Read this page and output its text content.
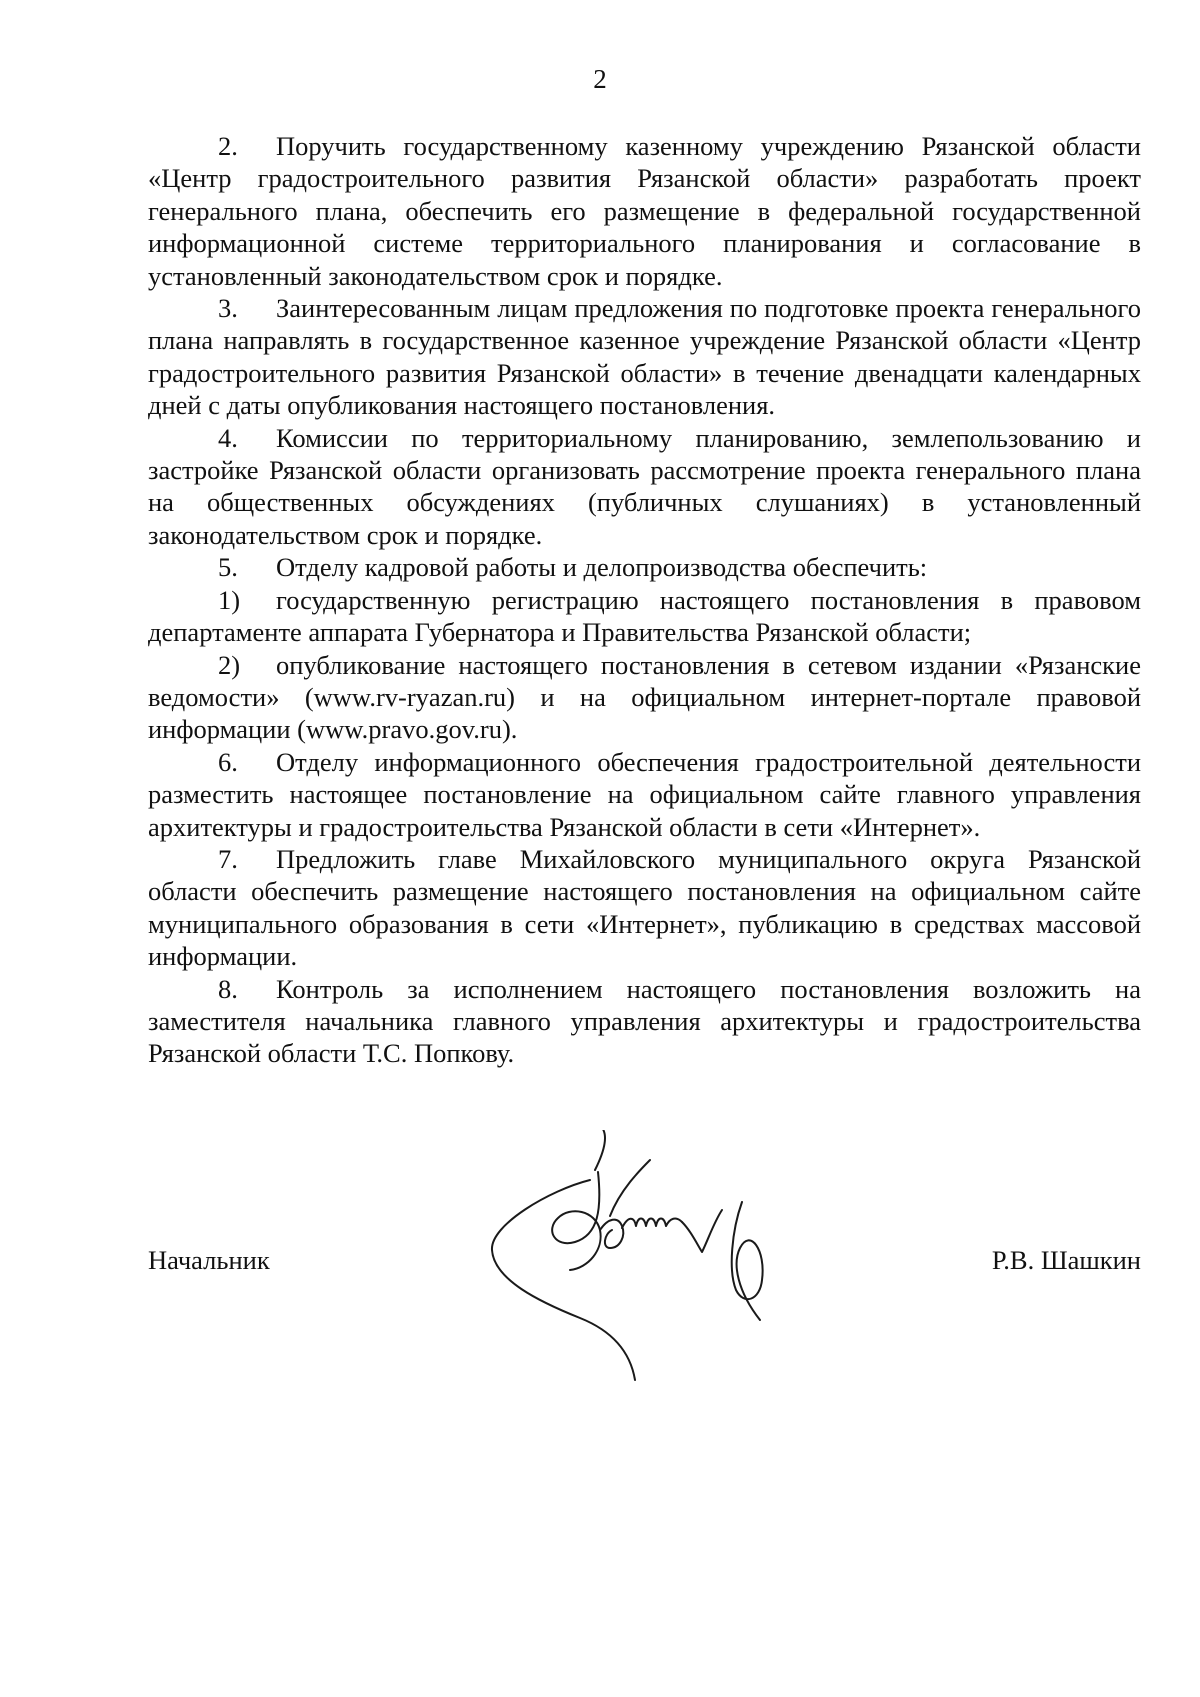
2

2. Поручить государственному казенному учреждению Рязанской области «Центр градостроительного развития Рязанской области» разработать проект генерального плана, обеспечить его размещение в федеральной государственной информационной системе территориального планирования и согласование в установленный законодательством срок и порядке.

3. Заинтересованным лицам предложения по подготовке проекта генерального плана направлять в государственное казенное учреждение Рязанской области «Центр градостроительного развития Рязанской области» в течение двенадцати календарных дней с даты опубликования настоящего постановления.

4. Комиссии по территориальному планированию, землепользованию и застройке Рязанской области организовать рассмотрение проекта генерального плана на общественных обсуждениях (публичных слушаниях) в установленный законодательством срок и порядке.

5. Отделу кадровой работы и делопроизводства обеспечить:

1) государственную регистрацию настоящего постановления в правовом департаменте аппарата Губернатора и Правительства Рязанской области;

2) опубликование настоящего постановления в сетевом издании «Рязанские ведомости» (www.rv-ryazan.ru) и на официальном интернет-портале правовой информации (www.pravo.gov.ru).

6. Отделу информационного обеспечения градостроительной деятельности разместить настоящее постановление на официальном сайте главного управления архитектуры и градостроительства Рязанской области в сети «Интернет».

7. Предложить главе Михайловского муниципального округа Рязанской области обеспечить размещение настоящего постановления на официальном сайте муниципального образования в сети «Интернет», публикацию в средствах массовой информации.

8. Контроль за исполнением настоящего постановления возложить на заместителя начальника главного управления архитектуры и градостроительства Рязанской области Т.С. Попкову.

Начальник	Р.В. Шашкин
